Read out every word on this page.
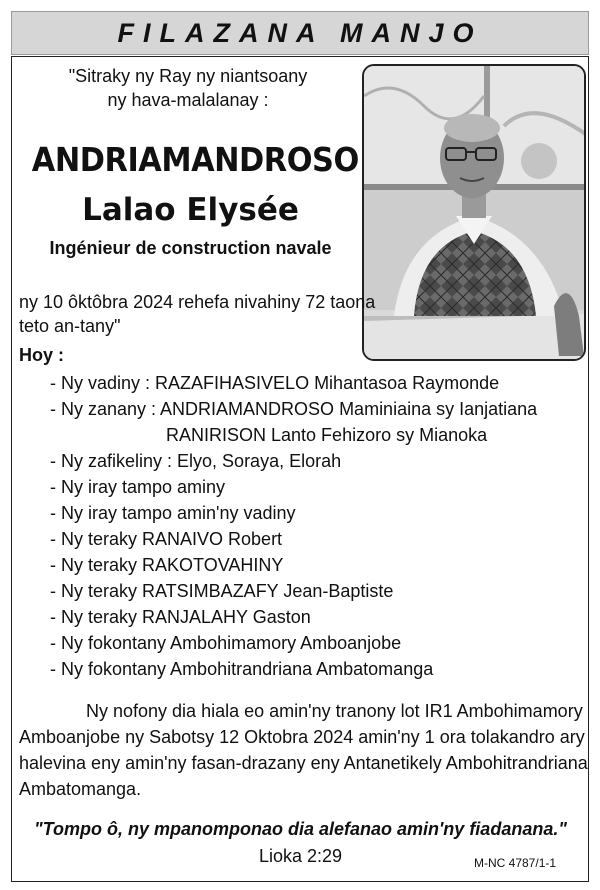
FILAZANA MANJO
"Sitraky ny Ray ny niantsoany
ny hava-malalanay :
ANDRIAMANDROSO
Lalao Elysée
Ingénieur de construction navale
ny 10 ôktôbra 2024 rehefa nivahiny 72 taona
teto an-tany"
Hoy :
- Ny vadiny : RAZAFIHASIVELO Mihantasoa Raymonde
- Ny zanany : ANDRIAMANDROSO Maminiaina sy Ianjatiana
RANIRISON Lanto Fehizoro sy Mianoka
- Ny zafikeliny : Elyo, Soraya, Elorah
- Ny iray tampo aminy
- Ny iray tampo amin'ny vadiny
- Ny teraky RANAIVO Robert
- Ny teraky RAKOTOVAHINY
- Ny teraky RATSIMBAZAFY Jean-Baptiste
- Ny teraky RANJALAHY Gaston
- Ny fokontany Ambohimamory Amboanjobe
- Ny fokontany Ambohitrandriana Ambatomanga
Ny nofony dia hiala eo amin'ny tranony lot IR1 Ambohimamory
Amboanjobe ny Sabotsy 12 Oktobra 2024 amin'ny 1 ora tolakandro ary
halevina eny amin'ny fasan-drazany eny Antanetikely Ambohitrandriana
Ambatomanga.
"Tompo ô, ny mpanomponao dia alefanao amin'ny fiadanana."
Lioka 2:29	M-NC 4787/1-1
